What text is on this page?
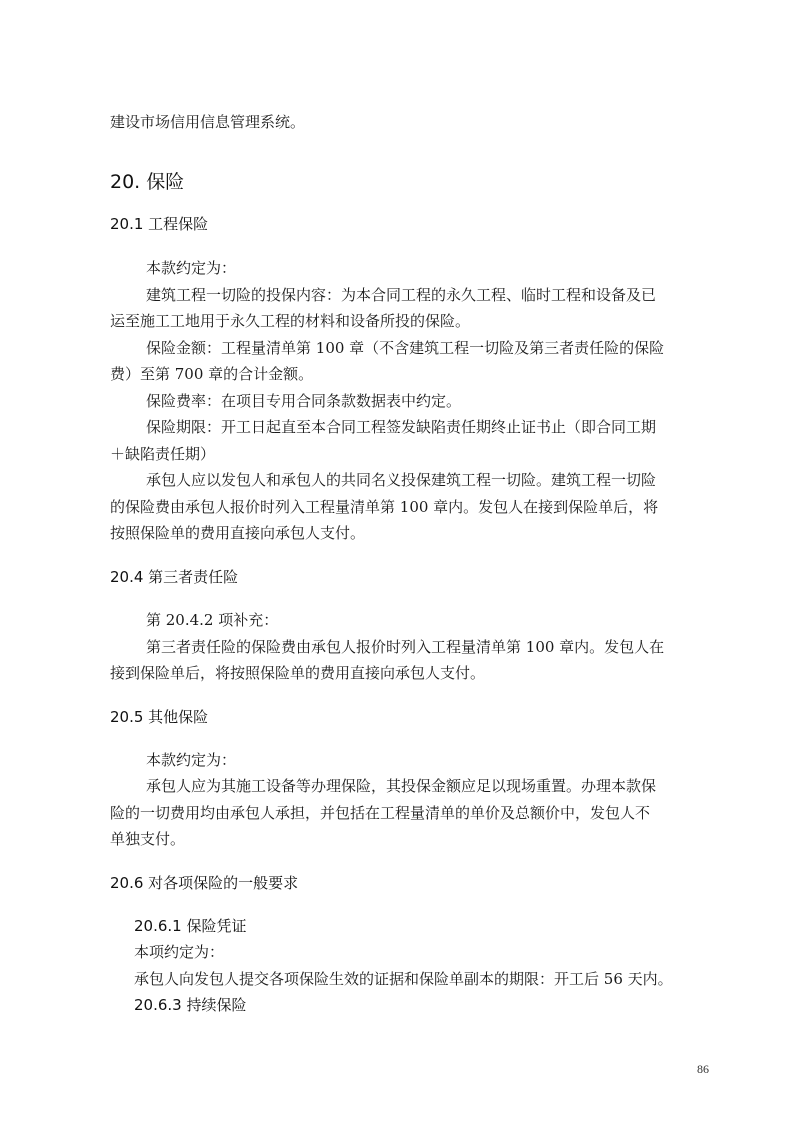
建设市场信用信息管理系统。
20. 保险
20.1 工程保险
本款约定为：
建筑工程一切险的投保内容：为本合同工程的永久工程、临时工程和设备及已
运至施工工地用于永久工程的材料和设备所投的保险。
保险金额：工程量清单第 100 章（不含建筑工程一切险及第三者责任险的保险
费）至第 700 章的合计金额。
保险费率：在项目专用合同条款数据表中约定。
保险期限：开工日起直至本合同工程签发缺陷责任期终止证书止（即合同工期
＋缺陷责任期）
承包人应以发包人和承包人的共同名义投保建筑工程一切险。建筑工程一切险
的保险费由承包人报价时列入工程量清单第 100 章内。发包人在接到保险单后，将
按照保险单的费用直接向承包人支付。
20.4 第三者责任险
第 20.4.2 项补充：
第三者责任险的保险费由承包人报价时列入工程量清单第 100 章内。发包人在
接到保险单后，将按照保险单的费用直接向承包人支付。
20.5 其他保险
本款约定为：
承包人应为其施工设备等办理保险，其投保金额应足以现场重置。办理本款保
险的一切费用均由承包人承担，并包括在工程量清单的单价及总额价中，发包人不
单独支付。
20.6 对各项保险的一般要求
20.6.1 保险凭证
本项约定为：
承包人向发包人提交各项保险生效的证据和保险单副本的期限：开工后 56 天内。
20.6.3 持续保险
86
